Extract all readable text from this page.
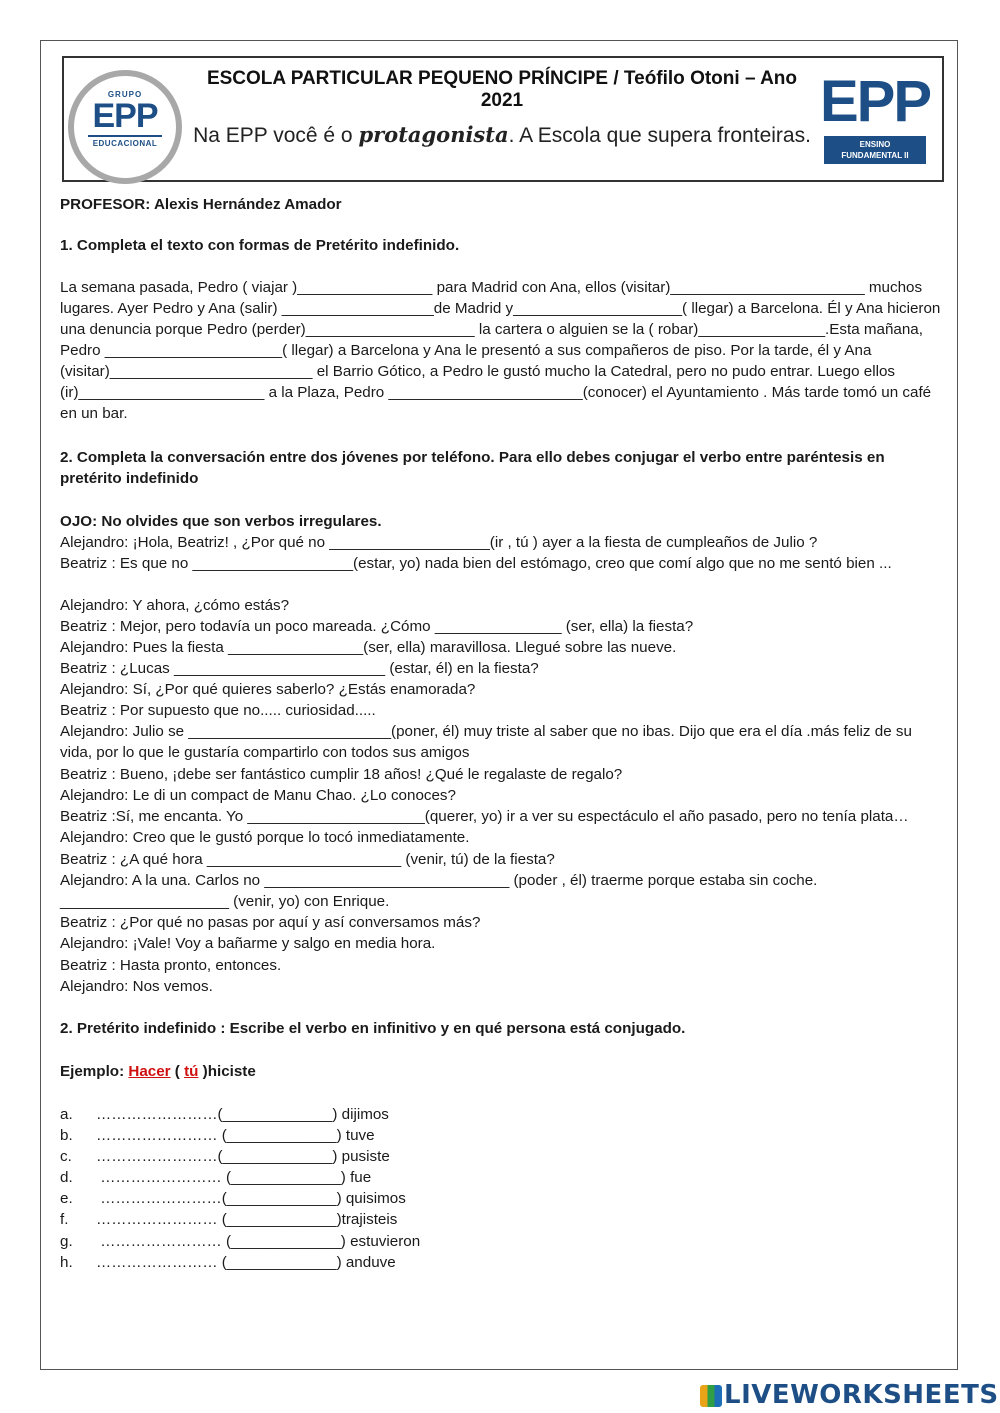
GRUPO
EPP
EDUCACIONAL
ESCOLA PARTICULAR PEQUENO PRÍNCIPE / Teófilo Otoni – Ano 2021
Na EPP você é o protagonista. A Escola que supera fronteiras.
EPP
ENSINO
FUNDAMENTAL II
PROFESOR: Alexis Hernández Amador
1. Completa el texto con formas de Pretérito indefinido.
La semana pasada, Pedro ( viajar )________________ para Madrid con Ana, ellos (visitar)_______________________ muchos
lugares. Ayer Pedro y Ana (salir) __________________de Madrid y____________________( llegar) a Barcelona. Él y Ana hicieron
una denuncia porque Pedro (perder)____________________ la cartera o alguien se la ( robar)_______________.Esta mañana,
Pedro _____________________( llegar) a Barcelona y Ana le presentó a sus compañeros de piso. Por la tarde, él y Ana
(visitar)________________________ el Barrio Gótico, a Pedro le gustó mucho la Catedral, pero no pudo entrar. Luego ellos
(ir)______________________ a la Plaza, Pedro _______________________(conocer) el Ayuntamiento . Más tarde tomó un café
en un bar.
2. Completa la conversación entre dos jóvenes por teléfono. Para ello debes conjugar el verbo entre paréntesis en
pretérito indefinido
OJO: No olvides que son verbos irregulares.
Alejandro: ¡Hola, Beatriz! , ¿Por qué no ___________________(ir , tú ) ayer a la fiesta de cumpleaños de Julio ?
Beatriz : Es que no ___________________(estar, yo) nada bien del estómago, creo que comí algo que no me sentó bien ...
Alejandro: Y ahora, ¿cómo estás?
Beatriz : Mejor, pero todavía un poco mareada. ¿Cómo _______________ (ser, ella) la fiesta?
Alejandro: Pues la fiesta ________________(ser, ella) maravillosa. Llegué sobre las nueve.
Beatriz : ¿Lucas _________________________ (estar, él) en la fiesta?
Alejandro: Sí, ¿Por qué quieres saberlo? ¿Estás enamorada?
Beatriz : Por supuesto que no..... curiosidad.....
Alejandro: Julio se ________________________(poner, él) muy triste al saber que no ibas. Dijo que era el día .más feliz de su
vida, por lo que le gustaría compartirlo con todos sus amigos
Beatriz : Bueno, ¡debe ser fantástico cumplir 18 años! ¿Qué le regalaste de regalo?
Alejandro: Le di un compact de Manu Chao. ¿Lo conoces?
Beatriz :Sí, me encanta. Yo _____________________(querer, yo) ir a ver su espectáculo el año pasado, pero no tenía plata…
Alejandro: Creo que le gustó porque lo tocó inmediatamente.
Beatriz : ¿A qué hora _______________________ (venir, tú) de la fiesta?
Alejandro: A la una. Carlos no _____________________________ (poder , él) traerme porque estaba sin coche.
____________________ (venir, yo) con Enrique.
Beatriz : ¿Por qué no pasas por aquí y así conversamos más?
Alejandro: ¡Vale! Voy a bañarme y salgo en media hora.
Beatriz : Hasta pronto, entonces.
Alejandro: Nos vemos.
2. Pretérito indefinido : Escribe el verbo en infinitivo y en qué persona está conjugado.
Ejemplo: Hacer ( tú )hiciste
a. ……………………(_____________) dijimos
b. …………………… (_____________) tuve
c. ……………………(_____________) pusiste
d. …………………… (_____________) fue
e. ……………………(_____________) quisimos
f. …………………… (_____________)trajisteis
g. …………………… (_____________) estuvieron
h. …………………… (_____________) anduve
LIVEWORKSHEETS
